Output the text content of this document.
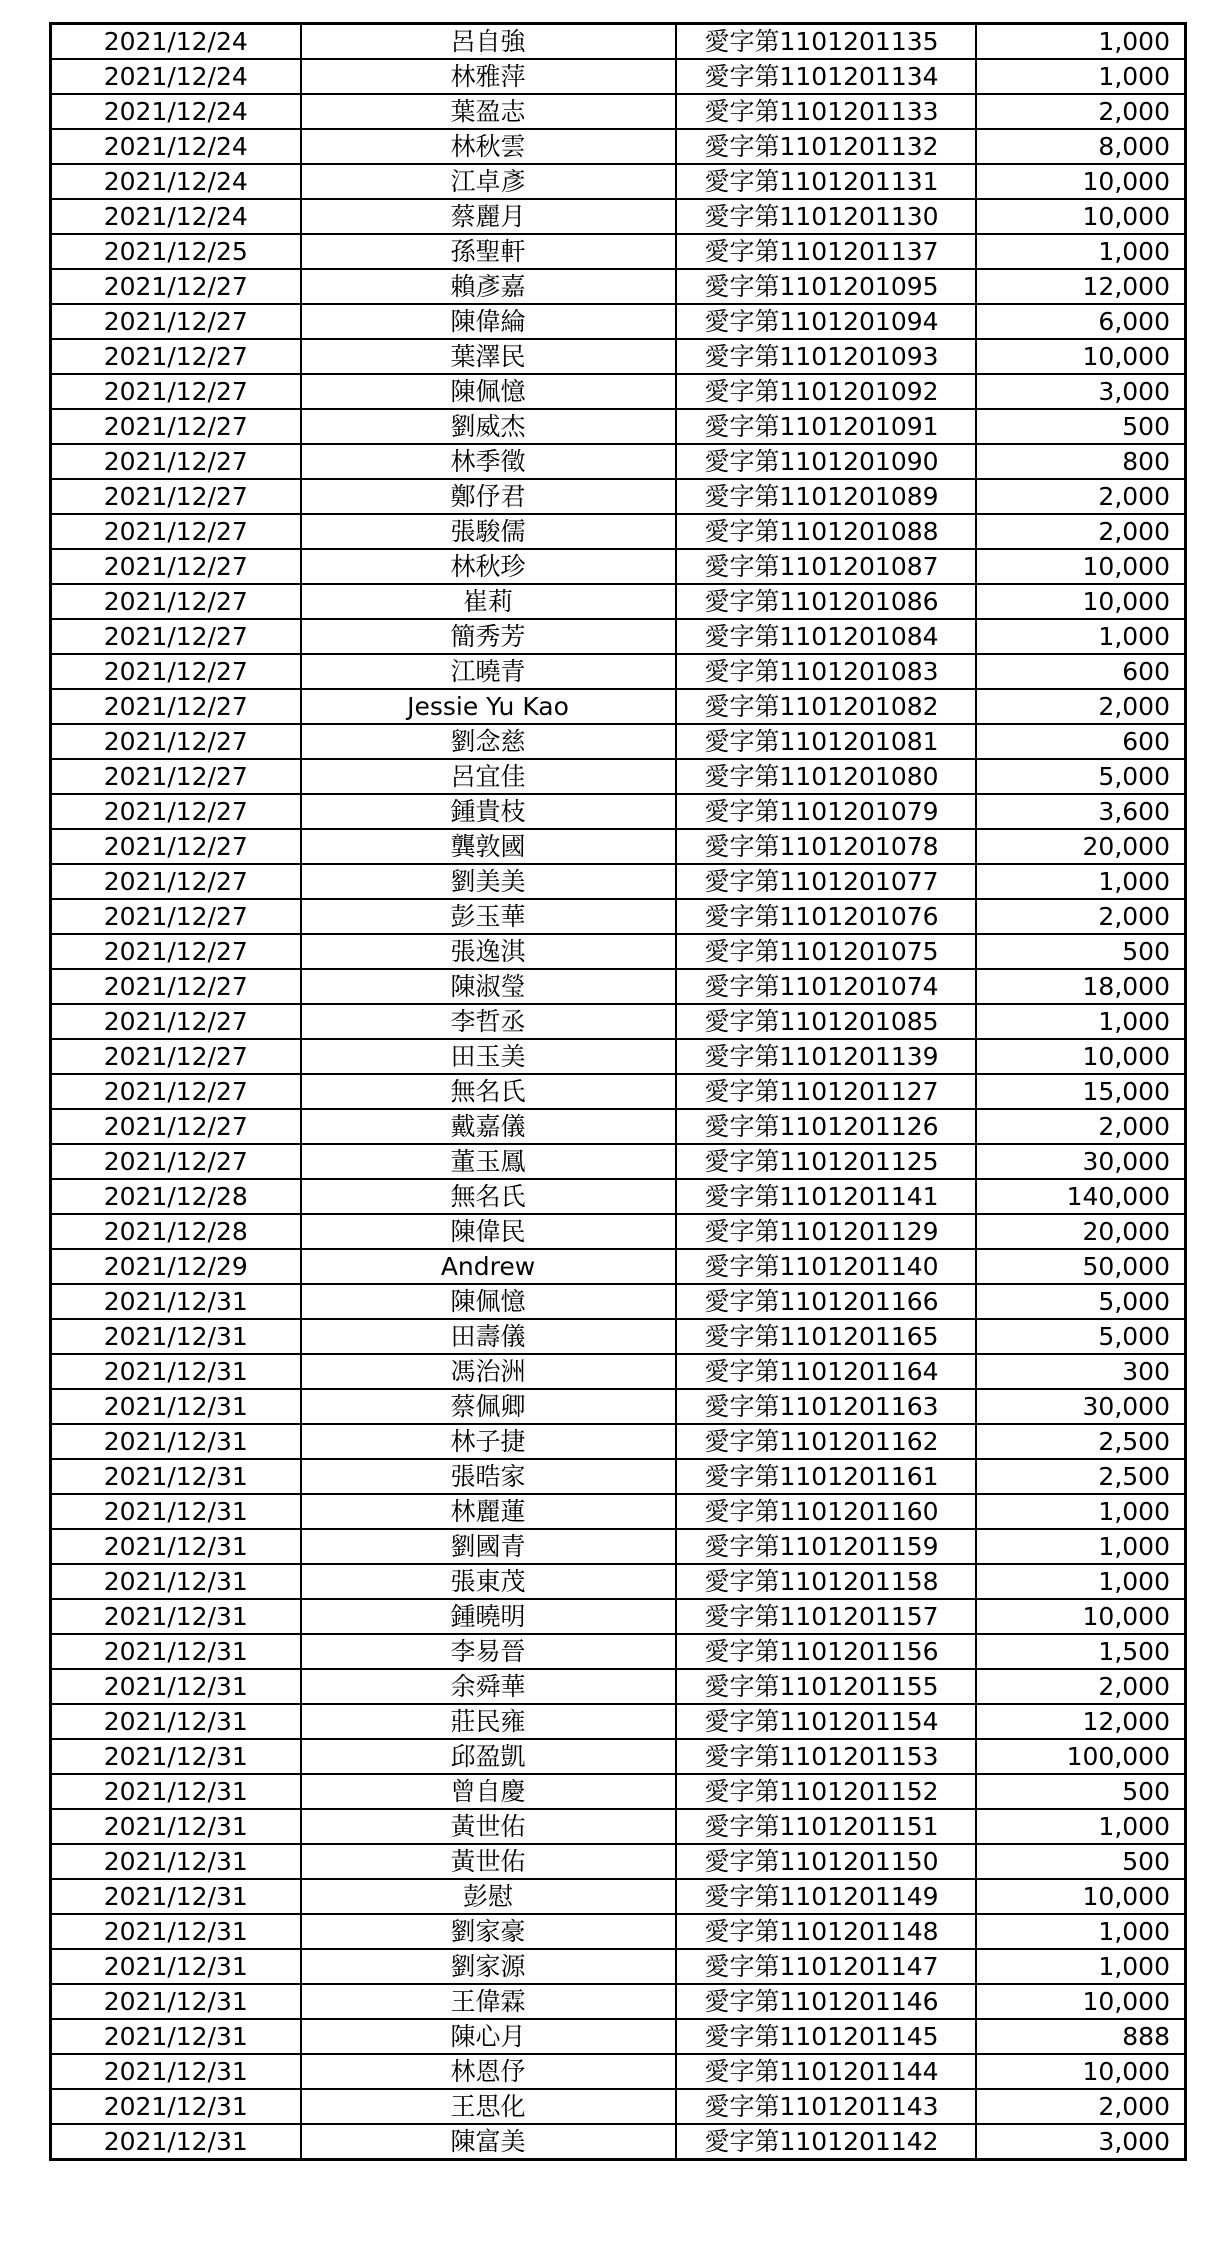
2021/12/24	呂自強	愛字第1101201135	1,000
2021/12/24	林雅萍	愛字第1101201134	1,000
2021/12/24	葉盈志	愛字第1101201133	2,000
2021/12/24	林秋雲	愛字第1101201132	8,000
2021/12/24	江卓彥	愛字第1101201131	10,000
2021/12/24	蔡麗月	愛字第1101201130	10,000
2021/12/25	孫聖軒	愛字第1101201137	1,000
2021/12/27	賴彥嘉	愛字第1101201095	12,000
2021/12/27	陳偉綸	愛字第1101201094	6,000
2021/12/27	葉澤民	愛字第1101201093	10,000
2021/12/27	陳佩憶	愛字第1101201092	3,000
2021/12/27	劉威杰	愛字第1101201091	500
2021/12/27	林季徵	愛字第1101201090	800
2021/12/27	鄭伃君	愛字第1101201089	2,000
2021/12/27	張駿儒	愛字第1101201088	2,000
2021/12/27	林秋珍	愛字第1101201087	10,000
2021/12/27	崔莉	愛字第1101201086	10,000
2021/12/27	簡秀芳	愛字第1101201084	1,000
2021/12/27	江曉青	愛字第1101201083	600
2021/12/27	Jessie Yu Kao	愛字第1101201082	2,000
2021/12/27	劉念慈	愛字第1101201081	600
2021/12/27	呂宜佳	愛字第1101201080	5,000
2021/12/27	鍾貴枝	愛字第1101201079	3,600
2021/12/27	龔敦國	愛字第1101201078	20,000
2021/12/27	劉美美	愛字第1101201077	1,000
2021/12/27	彭玉華	愛字第1101201076	2,000
2021/12/27	張逸淇	愛字第1101201075	500
2021/12/27	陳淑瑩	愛字第1101201074	18,000
2021/12/27	李哲丞	愛字第1101201085	1,000
2021/12/27	田玉美	愛字第1101201139	10,000
2021/12/27	無名氏	愛字第1101201127	15,000
2021/12/27	戴嘉儀	愛字第1101201126	2,000
2021/12/27	董玉鳳	愛字第1101201125	30,000
2021/12/28	無名氏	愛字第1101201141	140,000
2021/12/28	陳偉民	愛字第1101201129	20,000
2021/12/29	Andrew	愛字第1101201140	50,000
2021/12/31	陳佩憶	愛字第1101201166	5,000
2021/12/31	田壽儀	愛字第1101201165	5,000
2021/12/31	馮治洲	愛字第1101201164	300
2021/12/31	蔡佩卿	愛字第1101201163	30,000
2021/12/31	林子捷	愛字第1101201162	2,500
2021/12/31	張晧家	愛字第1101201161	2,500
2021/12/31	林麗蓮	愛字第1101201160	1,000
2021/12/31	劉國青	愛字第1101201159	1,000
2021/12/31	張東茂	愛字第1101201158	1,000
2021/12/31	鍾曉明	愛字第1101201157	10,000
2021/12/31	李易晉	愛字第1101201156	1,500
2021/12/31	余舜華	愛字第1101201155	2,000
2021/12/31	莊民雍	愛字第1101201154	12,000
2021/12/31	邱盈凱	愛字第1101201153	100,000
2021/12/31	曾自慶	愛字第1101201152	500
2021/12/31	黃世佑	愛字第1101201151	1,000
2021/12/31	黃世佑	愛字第1101201150	500
2021/12/31	彭慰	愛字第1101201149	10,000
2021/12/31	劉家豪	愛字第1101201148	1,000
2021/12/31	劉家源	愛字第1101201147	1,000
2021/12/31	王偉霖	愛字第1101201146	10,000
2021/12/31	陳心月	愛字第1101201145	888
2021/12/31	林恩伃	愛字第1101201144	10,000
2021/12/31	王思化	愛字第1101201143	2,000
2021/12/31	陳富美	愛字第1101201142	3,000
